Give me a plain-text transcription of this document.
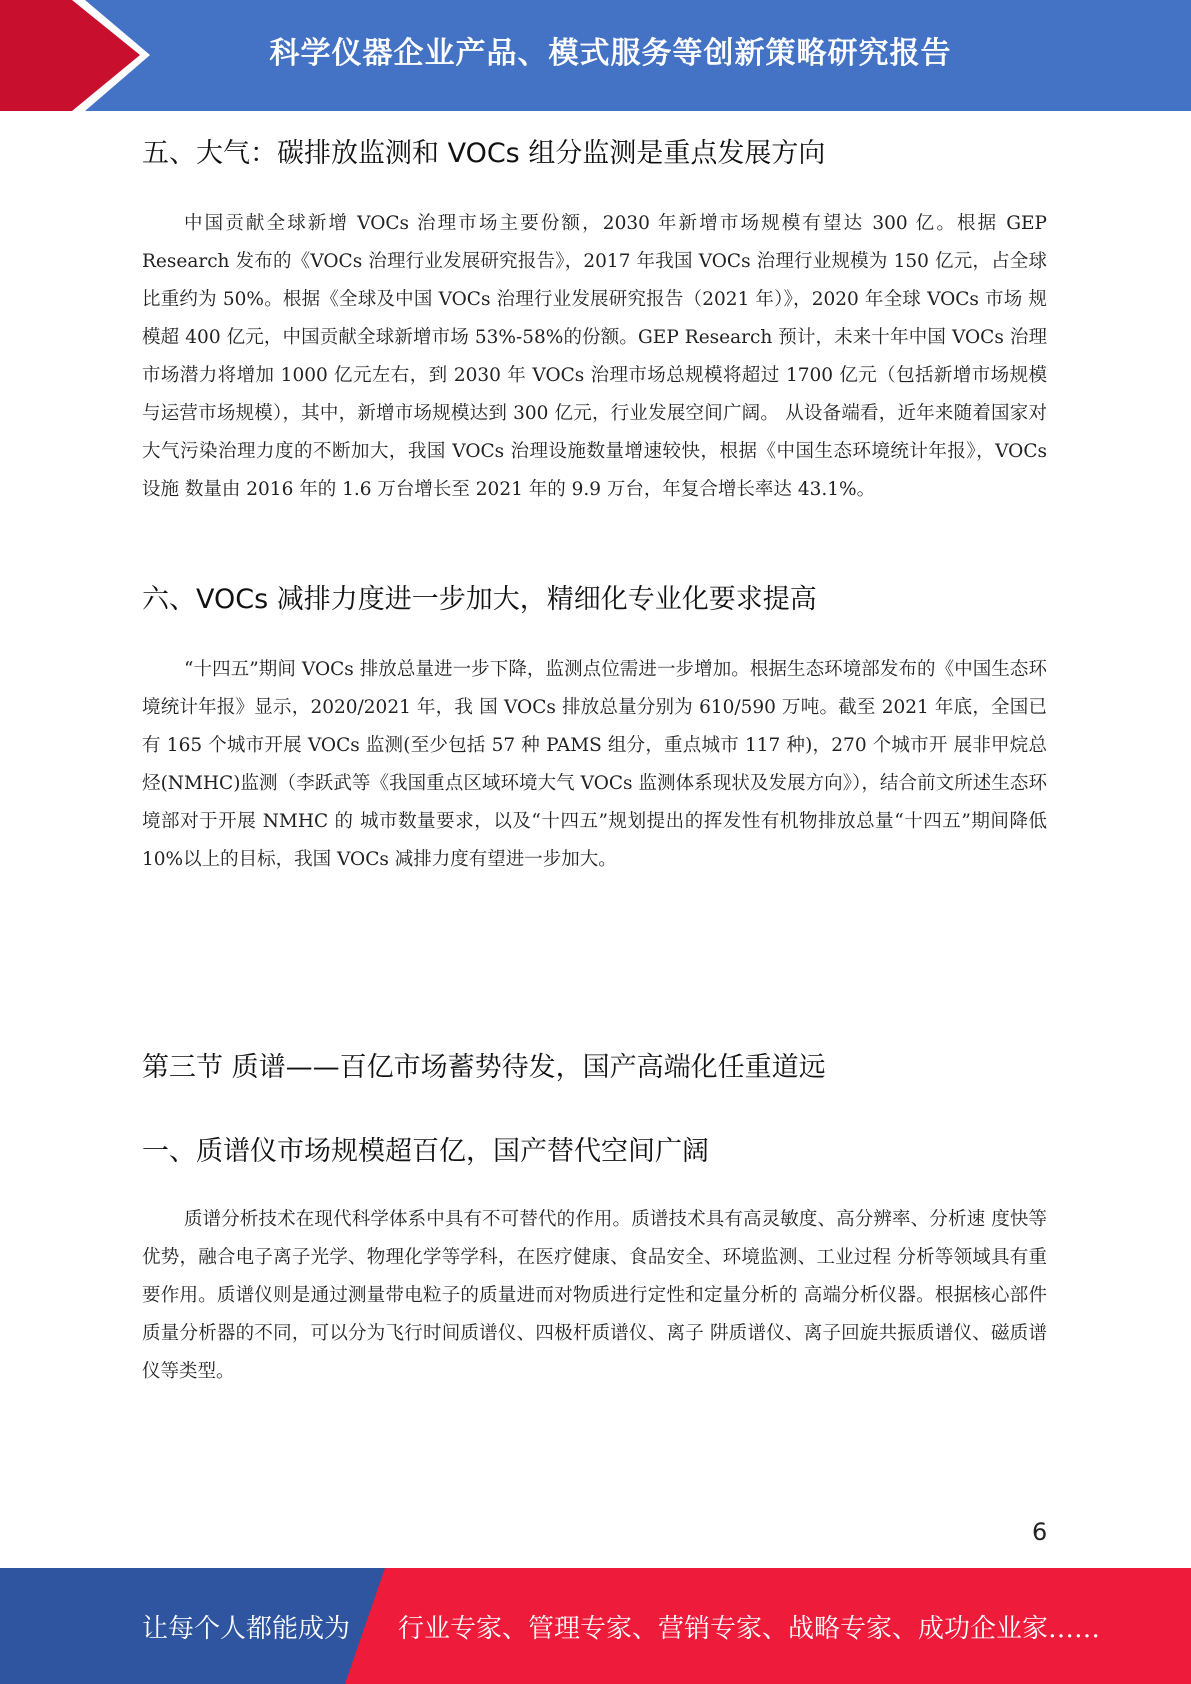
科学仪器企业产品、模式服务等创新策略研究报告
五、大气：碳排放监测和 VOCs 组分监测是重点发展方向

中国贡献全球新增 VOCs 治理市场主要份额，2030 年新增市场规模有望达 300 亿。根据 GEP Research 发布的《VOCs 治理行业发展研究报告》，2017 年我国 VOCs 治理行业规模为 150 亿元，占全球比重约为 50%。根据《全球及中国 VOCs 治理行业发展研究报告（2021 年）》，2020 年全球 VOCs 市场 规模超 400 亿元，中国贡献全球新增市场 53%-58%的份额。GEP Research 预计，未来十年中国 VOCs 治理市场潜力将增加 1000 亿元左右，到 2030 年 VOCs 治理市场总规模将超过 1700 亿元（包括新增市场规模与运营市场规模），其中，新增市场规模达到 300 亿元，行业发展空间广阔。 从设备端看，近年来随着国家对大气污染治理力度的不断加大，我国 VOCs 治理设施数量增速较快，根据《中国生态环境统计年报》，VOCs 设施 数量由 2016 年的 1.6 万台增长至 2021 年的 9.9 万台，年复合增长率达 43.1%。

六、VOCs 减排力度进一步加大，精细化专业化要求提高

“十四五”期间 VOCs 排放总量进一步下降，监测点位需进一步增加。根据生态环境部发布的《中国生态环境统计年报》显示，2020/2021 年，我 国 VOCs 排放总量分别为 610/590 万吨。截至 2021 年底，全国已有 165 个城市开展 VOCs 监测(至少包括 57 种 PAMS 组分，重点城市 117 种)，270 个城市开 展非甲烷总烃(NMHC)监测（李跃武等《我国重点区域环境大气 VOCs 监测体系现状及发展方向》），结合前文所述生态环境部对于开展 NMHC 的 城市数量要求，以及“十四五”规划提出的挥发性有机物排放总量“十四五”期间降低 10%以上的目标，我国 VOCs 减排力度有望进一步加大。

第三节 质谱——百亿市场蓄势待发，国产高端化任重道远
一、质谱仪市场规模超百亿，国产替代空间广阔

质谱分析技术在现代科学体系中具有不可替代的作用。质谱技术具有高灵敏度、高分辨率、分析速 度快等优势，融合电子离子光学、物理化学等学科，在医疗健康、食品安全、环境监测、工业过程 分析等领域具有重要作用。质谱仪则是通过测量带电粒子的质量进而对物质进行定性和定量分析的 高端分析仪器。根据核心部件质量分析器的不同，可以分为飞行时间质谱仪、四极杆质谱仪、离子 阱质谱仪、离子回旋共振质谱仪、磁质谱仪等类型。

6
让每个人都能成为 行业专家、管理专家、营销专家、战略专家、成功企业家……
